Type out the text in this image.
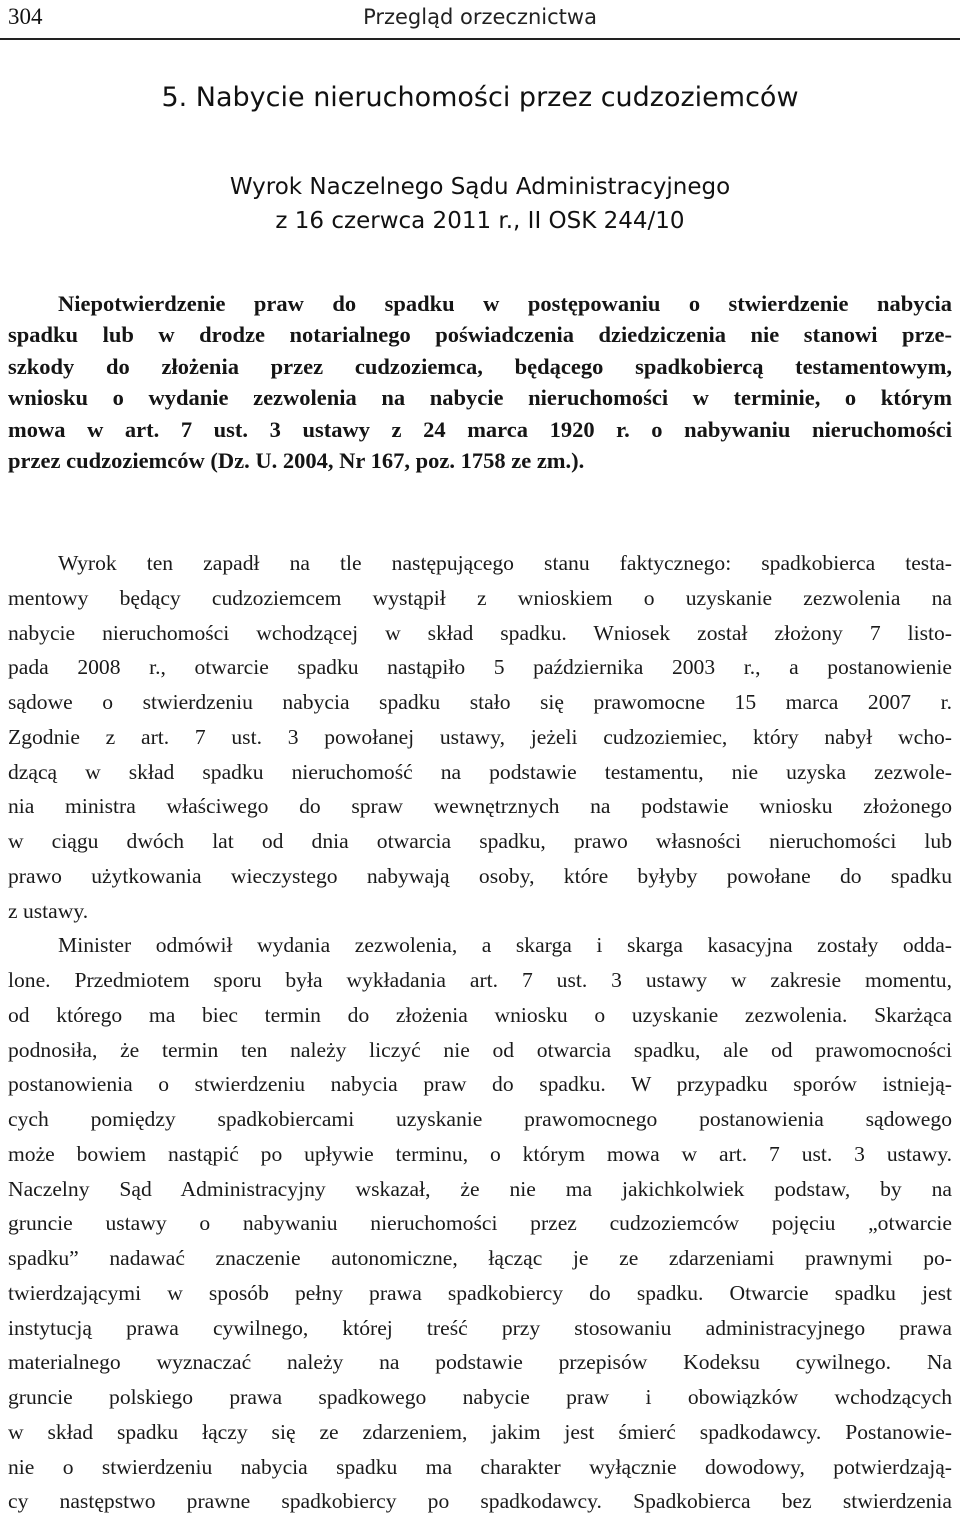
304	Przegląd orzecznictwa
5. Nabycie nieruchomości przez cudzoziemców
Wyrok Naczelnego Sądu Administracyjnego
z 16 czerwca 2011 r., II OSK 244/10
Niepotwierdzenie praw do spadku w postępowaniu o stwierdzenie nabycia
spadku lub w drodze notarialnego poświadczenia dziedziczenia nie stanowi prze-
szkody do złożenia przez cudzoziemca, będącego spadkobiercą testamentowym,
wniosku o wydanie zezwolenia na nabycie nieruchomości w terminie, o którym
mowa w art. 7 ust. 3 ustawy z 24 marca 1920 r. o nabywaniu nieruchomości
przez cudzoziemców (Dz. U. 2004, Nr 167, poz. 1758 ze zm.).
Wyrok ten zapadł na tle następującego stanu faktycznego: spadkobierca testa-
mentowy będący cudzoziemcem wystąpił z wnioskiem o uzyskanie zezwolenia na
nabycie nieruchomości wchodzącej w skład spadku. Wniosek został złożony 7 listo-
pada 2008 r., otwarcie spadku nastąpiło 5 października 2003 r., a postanowienie
sądowe o stwierdzeniu nabycia spadku stało się prawomocne 15 marca 2007 r.
Zgodnie z art. 7 ust. 3 powołanej ustawy, jeżeli cudzoziemiec, który nabył wcho-
dzącą w skład spadku nieruchomość na podstawie testamentu, nie uzyska zezwole-
nia ministra właściwego do spraw wewnętrznych na podstawie wniosku złożonego
w ciągu dwóch lat od dnia otwarcia spadku, prawo własności nieruchomości lub
prawo użytkowania wieczystego nabywają osoby, które byłyby powołane do spadku
z ustawy.
Minister odmówił wydania zezwolenia, a skarga i skarga kasacyjna zostały odda-
lone. Przedmiotem sporu była wykładania art. 7 ust. 3 ustawy w zakresie momentu,
od którego ma biec termin do złożenia wniosku o uzyskanie zezwolenia. Skarżąca
podnosiła, że termin ten należy liczyć nie od otwarcia spadku, ale od prawomocności
postanowienia o stwierdzeniu nabycia praw do spadku. W przypadku sporów istnieją-
cych pomiędzy spadkobiercami uzyskanie prawomocnego postanowienia sądowego
może bowiem nastąpić po upływie terminu, o którym mowa w art. 7 ust. 3 ustawy.
Naczelny Sąd Administracyjny wskazał, że nie ma jakichkolwiek podstaw, by na
gruncie ustawy o nabywaniu nieruchomości przez cudzoziemców pojęciu „otwarcie
spadku” nadawać znaczenie autonomiczne, łącząc je ze zdarzeniami prawnymi po-
twierdzającymi w sposób pełny prawa spadkobiercy do spadku. Otwarcie spadku jest
instytucją prawa cywilnego, której treść przy stosowaniu administracyjnego prawa
materialnego wyznaczać należy na podstawie przepisów Kodeksu cywilnego. Na
gruncie polskiego prawa spadkowego nabycie praw i obowiązków wchodzących
w skład spadku łączy się ze zdarzeniem, jakim jest śmierć spadkodawcy. Postanowie-
nie o stwierdzeniu nabycia spadku ma charakter wyłącznie dowodowy, potwierdzają-
cy następstwo prawne spadkobiercy po spadkodawcy. Spadkobierca bez stwierdzenia
